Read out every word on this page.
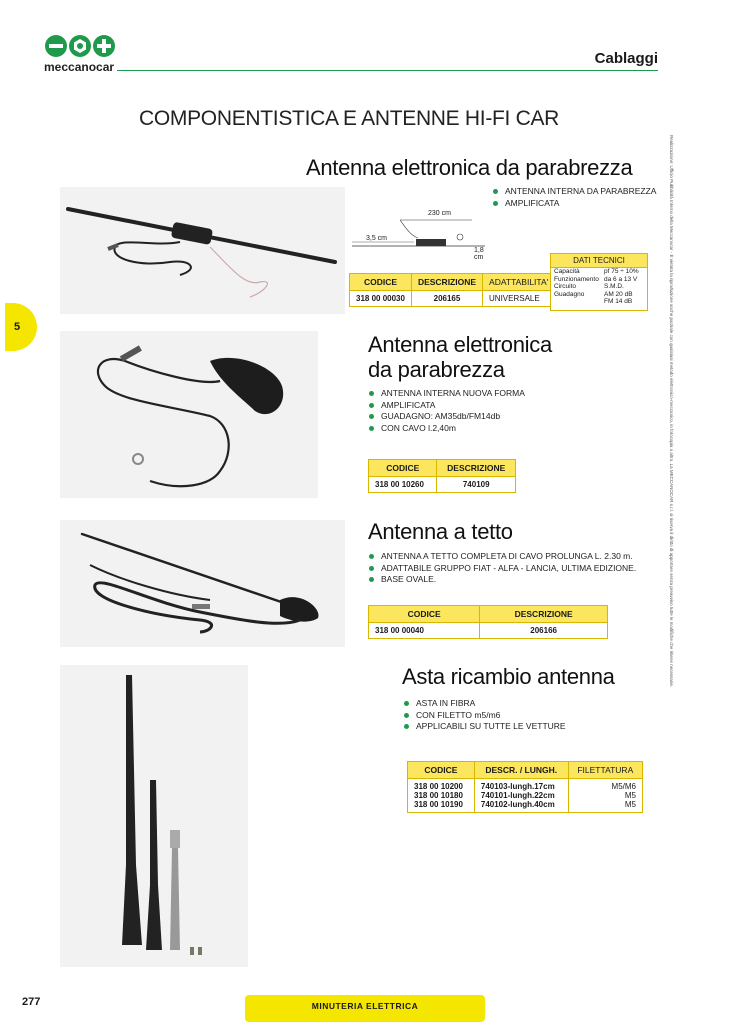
meccanocar	Cablaggi
COMPONENTISTICA E ANTENNE HI-FI CAR
5	Realizzazione: Ufficio Pubblicità Interno della Meccanocar - È vietata la riproduzione anche parziale con qualsiasi metodo elettronico-meccanico, in fotocopia o altro. La MECCANOCAR s.r.l. si riserva il diritto di apportare senza preavviso tutte le modifiche che ritiene necessarie.
Antenna elettronica da parabrezza
ANTENNA INTERNA DA PARABREZZA
AMPLIFICATA
230 cm
3,5 cm
1,8 cm
CODICE	DESCRIZIONE	ADATTABILITA'
318 00 00030	206165	UNIVERSALE
DATI TECNICI
Capacità	pf 75 ÷ 10%
Funzionamento da 6 a 13 V
Circuito	S.M.D.
Guadagno	AM 20 dB
FM 14 dB
Antenna elettronica
da parabrezza
ANTENNA INTERNA NUOVA FORMA
AMPLIFICATA
GUADAGNO: AM35db/FM14db
CON CAVO l.2,40m
CODICE	DESCRIZIONE
318 00 10260	740109
Antenna a tetto
ANTENNA A TETTO COMPLETA DI CAVO PROLUNGA L. 2.30 m.
ADATTABILE GRUPPO FIAT - ALFA - LANCIA, ULTIMA EDIZIONE.
BASE OVALE.
CODICE	DESCRIZIONE
318 00 00040	206166
Asta ricambio antenna
ASTA IN FIBRA
CON FILETTO m5/m6
APPLICABILI SU TUTTE LE VETTURE
CODICE	DESCR. / LUNGH.	FILETTATURA
318 00 10200	740103-lungh.17cm	M5/M6
318 00 10180	740101-lungh.22cm	M5
318 00 10190	740102-lungh.40cm	M5
277	MINUTERIA ELETTRICA
